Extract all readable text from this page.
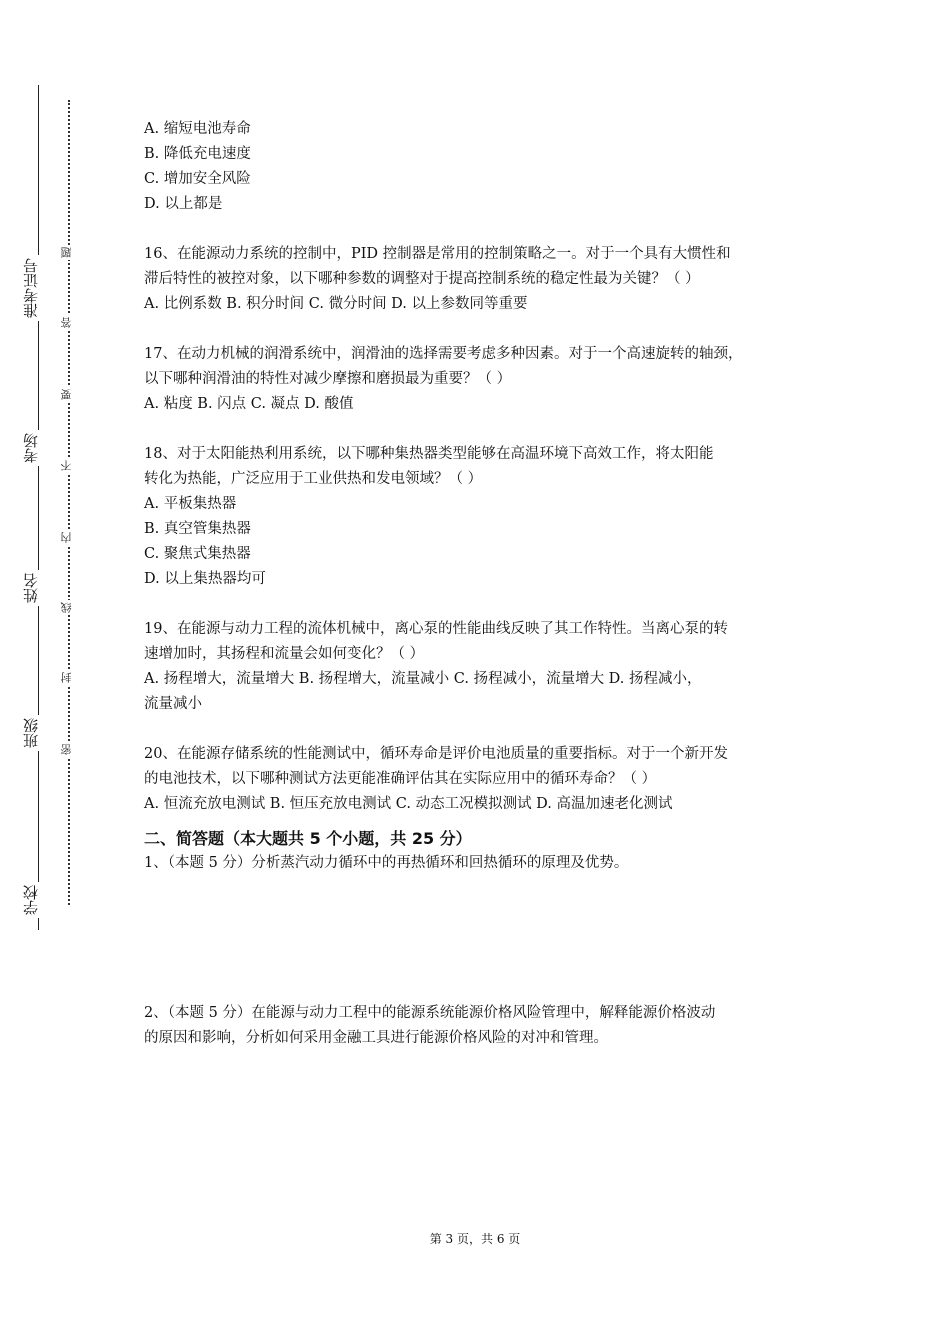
准考证号
考场
姓名
班级
学校
题
答
要
不
内
线
封
密
A. 缩短电池寿命
B. 降低充电速度
C. 增加安全风险
D. 以上都是
16、在能源动力系统的控制中，PID 控制器是常用的控制策略之一。对于一个具有大惯性和
滞后特性的被控对象，以下哪种参数的调整对于提高控制系统的稳定性最为关键？（ ）
A. 比例系数 B. 积分时间 C. 微分时间 D. 以上参数同等重要
17、在动力机械的润滑系统中，润滑油的选择需要考虑多种因素。对于一个高速旋转的轴颈，
以下哪种润滑油的特性对减少摩擦和磨损最为重要？（ ）
A. 粘度 B. 闪点 C. 凝点 D. 酸值
18、对于太阳能热利用系统，以下哪种集热器类型能够在高温环境下高效工作，将太阳能
转化为热能，广泛应用于工业供热和发电领域？（ ）
A. 平板集热器
B. 真空管集热器
C. 聚焦式集热器
D. 以上集热器均可
19、在能源与动力工程的流体机械中，离心泵的性能曲线反映了其工作特性。当离心泵的转
速增加时，其扬程和流量会如何变化？（ ）
A. 扬程增大，流量增大 B. 扬程增大，流量减小 C. 扬程减小，流量增大 D. 扬程减小，
流量减小
20、在能源存储系统的性能测试中，循环寿命是评价电池质量的重要指标。对于一个新开发
的电池技术，以下哪种测试方法更能准确评估其在实际应用中的循环寿命？（ ）
A. 恒流充放电测试 B. 恒压充放电测试 C. 动态工况模拟测试 D. 高温加速老化测试
二、简答题（本大题共 5 个小题，共 25 分）
1、（本题 5 分）分析蒸汽动力循环中的再热循环和回热循环的原理及优势。
2、（本题 5 分）在能源与动力工程中的能源系统能源价格风险管理中，解释能源价格波动
的原因和影响，分析如何采用金融工具进行能源价格风险的对冲和管理。
第 3 页，共 6 页
